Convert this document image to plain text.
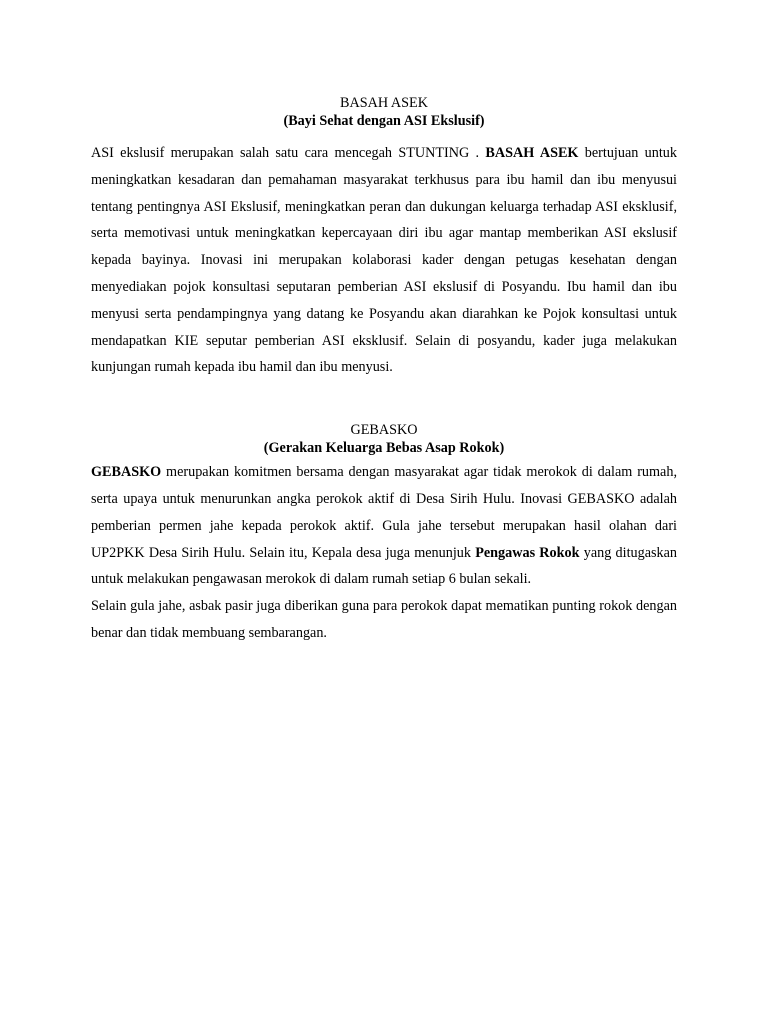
BASAH ASEK

(Bayi Sehat dengan ASI Ekslusif)

ASI ekslusif merupakan salah satu cara mencegah STUNTING . BASAH ASEK bertujuan untuk meningkatkan kesadaran dan pemahaman masyarakat terkhusus para ibu hamil dan ibu menyusui tentang pentingnya ASI Ekslusif, meningkatkan peran dan dukungan keluarga terhadap ASI eksklusif, serta memotivasi untuk meningkatkan kepercayaan diri ibu agar mantap memberikan ASI ekslusif kepada bayinya. Inovasi ini merupakan kolaborasi kader dengan petugas kesehatan dengan menyediakan pojok konsultasi seputaran pemberian ASI ekslusif di Posyandu. Ibu hamil dan ibu menyusi serta pendampingnya yang datang ke Posyandu akan diarahkan ke Pojok konsultasi untuk mendapatkan KIE seputar pemberian ASI eksklusif. Selain di posyandu, kader juga melakukan kunjungan rumah kepada ibu hamil dan ibu menyusi.

GEBASKO

(Gerakan Keluarga Bebas Asap Rokok)

GEBASKO merupakan komitmen bersama dengan masyarakat agar tidak merokok di dalam rumah, serta upaya untuk menurunkan angka perokok aktif di Desa Sirih Hulu. Inovasi GEBASKO adalah pemberian permen jahe kepada perokok aktif. Gula jahe tersebut merupakan hasil olahan dari UP2PKK Desa Sirih Hulu. Selain itu, Kepala desa juga menunjuk Pengawas Rokok yang ditugaskan untuk melakukan pengawasan merokok di dalam rumah setiap 6 bulan sekali.

Selain gula jahe, asbak pasir juga diberikan guna para perokok dapat mematikan punting rokok dengan benar dan tidak membuang sembarangan.
